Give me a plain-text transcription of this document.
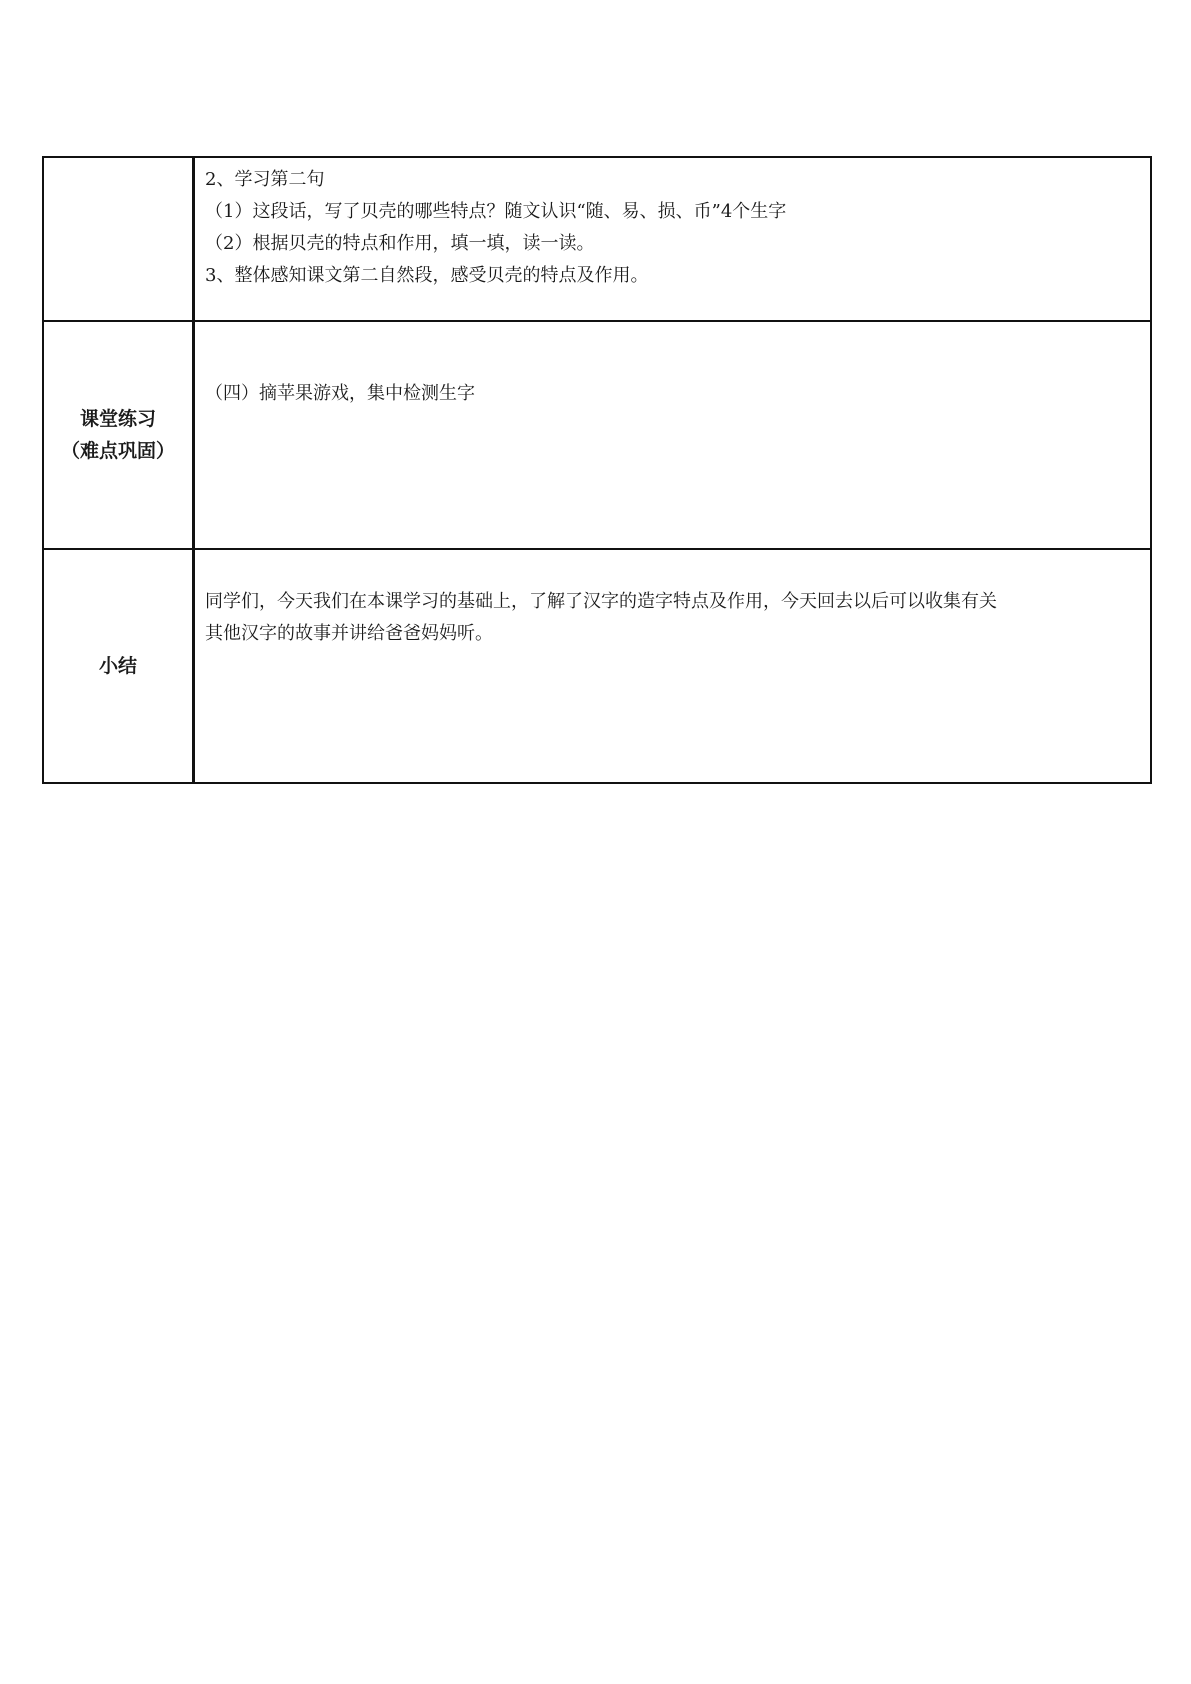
	2、学习第二句
（1）这段话，写了贝壳的哪些特点？随文认识“随、易、损、币”4个生字
（2）根据贝壳的特点和作用，填一填，读一读。
3、整体感知课文第二自然段，感受贝壳的特点及作用。

课堂练习
（难点巩固）	（四）摘苹果游戏，集中检测生字

小结	同学们，今天我们在本课学习的基础上，了解了汉字的造字特点及作用，今天回去以后可以收集有关
其他汉字的故事并讲给爸爸妈妈听。
